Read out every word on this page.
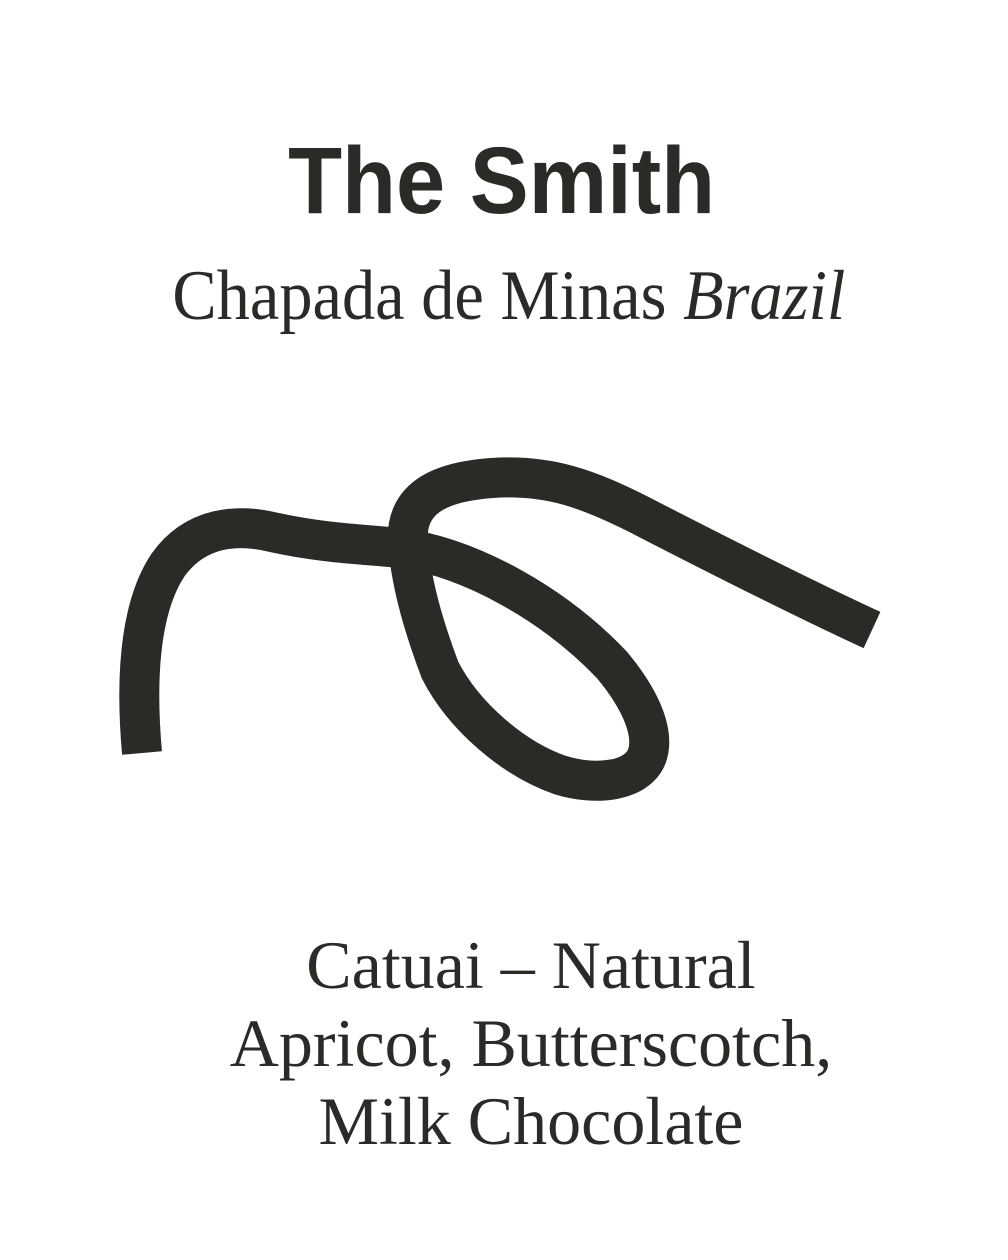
The Smith
Chapada de Minas Brazil
Catuai – Natural
Apricot, Butterscotch,
Milk Chocolate
